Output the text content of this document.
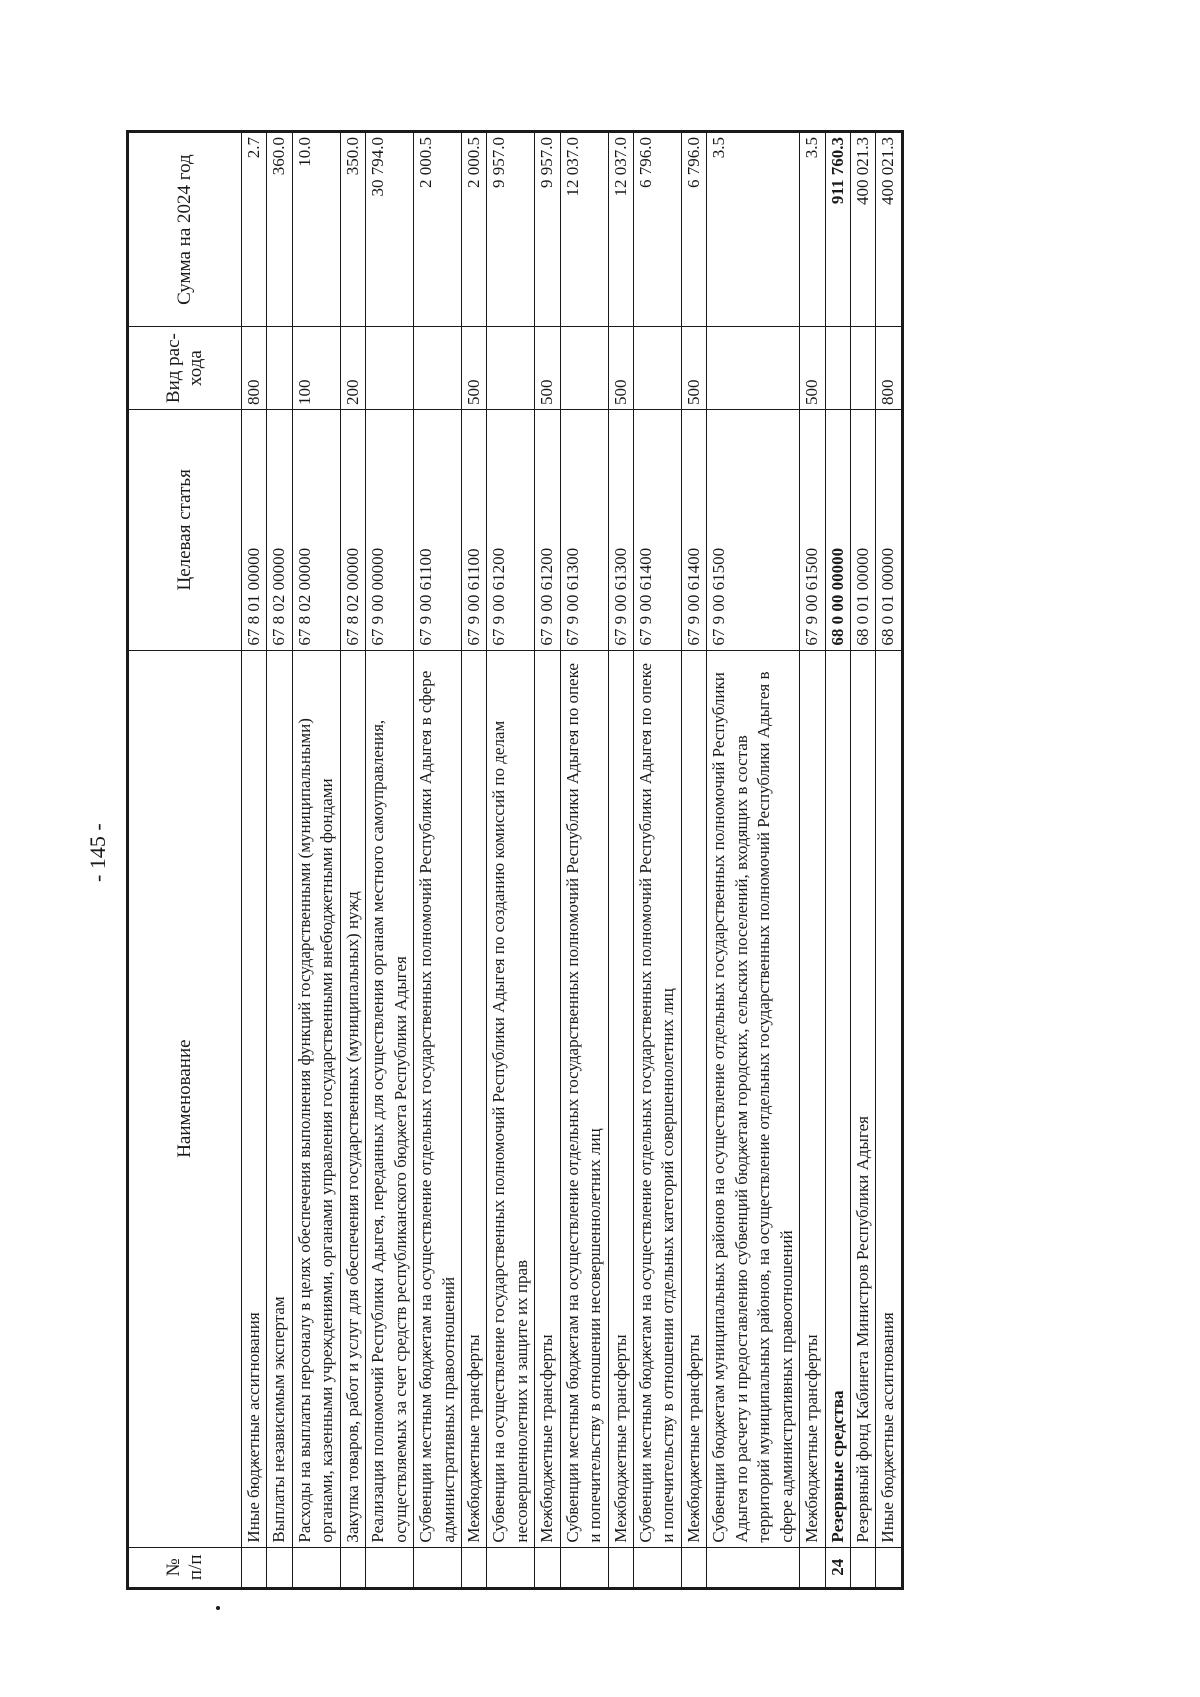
- 145 -
№ п/п	Наименование	Целевая статья	Вид рас- хода	Сумма на 2024 год
	Иные бюджетные ассигнования	67 8 01 00000	800	2.7
	Выплаты независимым экспертам	67 8 02 00000		360.0
	Расходы на выплаты персоналу в целях обеспечения выполнения функций государственными (муниципальными) органами, казенными учреждениями, органами управления государственными внебюджетными фондами	67 8 02 00000	100	10.0
	Закупка товаров, работ и услуг для обеспечения государственных (муниципальных) нужд	67 8 02 00000	200	350.0
	Реализация полномочий Республики Адыгея, переданных для осуществления органам местного самоуправления, осуществляемых за счет средств республиканского бюджета Республики Адыгея	67 9 00 00000		30 794.0
	Субвенции местным бюджетам на осуществление отдельных государственных полномочий Республики Адыгея в сфере административных правоотношений	67 9 00 61100		2 000.5
	Межбюджетные трансферты	67 9 00 61100	500	2 000.5
	Субвенции на осуществление государственных полномочий Республики Адыгея по созданию комиссий по делам несовершеннолетних и защите их прав	67 9 00 61200		9 957.0
	Межбюджетные трансферты	67 9 00 61200	500	9 957.0
	Субвенции местным бюджетам на осуществление отдельных государственных полномочий Республики Адыгея по опеке и попечительству в отношении несовершеннолетних лиц	67 9 00 61300		12 037.0
	Межбюджетные трансферты	67 9 00 61300	500	12 037.0
	Субвенции местным бюджетам на осуществление отдельных государственных полномочий Республики Адыгея по опеке и попечительству в отношении отдельных категорий совершеннолетних лиц	67 9 00 61400		6 796.0
	Межбюджетные трансферты	67 9 00 61400	500	6 796.0
	Субвенции бюджетам муниципальных районов на осуществление отдельных государственных полномочий Республики Адыгея по расчету и предоставлению субвенций бюджетам городских, сельских поселений, входящих в состав территорий муниципальных районов, на осуществление отдельных государственных полномочий Республики Адыгея в сфере административных правоотношений	67 9 00 61500		3.5
	Межбюджетные трансферты	67 9 00 61500	500	3.5
24	Резервные средства	68 0 00 00000		911 760.3
	Резервный фонд Кабинета Министров Республики Адыгея	68 0 01 00000		400 021.3
	Иные бюджетные ассигнования	68 0 01 00000	800	400 021.3
